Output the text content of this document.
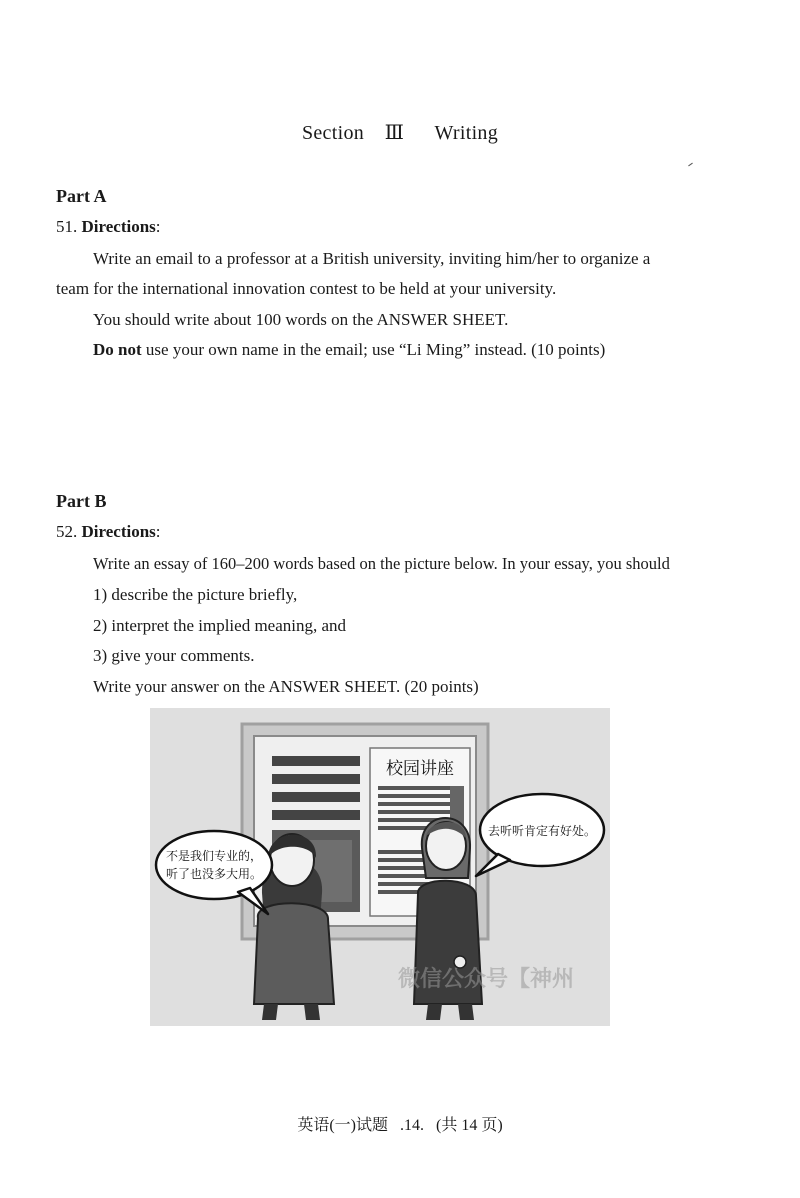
Section Ⅲ Writing
Part A
51. Directions:
Write an email to a professor at a British university, inviting him/her to organize a
team for the international innovation contest to be held at your university.
You should write about 100 words on the ANSWER SHEET.
Do not use your own name in the email; use “Li Ming” instead. (10 points)
Part B
52. Directions:
Write an essay of 160–200 words based on the picture below. In your essay, you should
1) describe the picture briefly,
2) interpret the implied meaning, and
3) give your comments.
Write your answer on the ANSWER SHEET. (20 points)
校园讲座
不是我们专业的，
听了也没多大用。
去听听肯定有好处。
微信公众号【神州
英语(一)试题 .14. (共 14 页)
